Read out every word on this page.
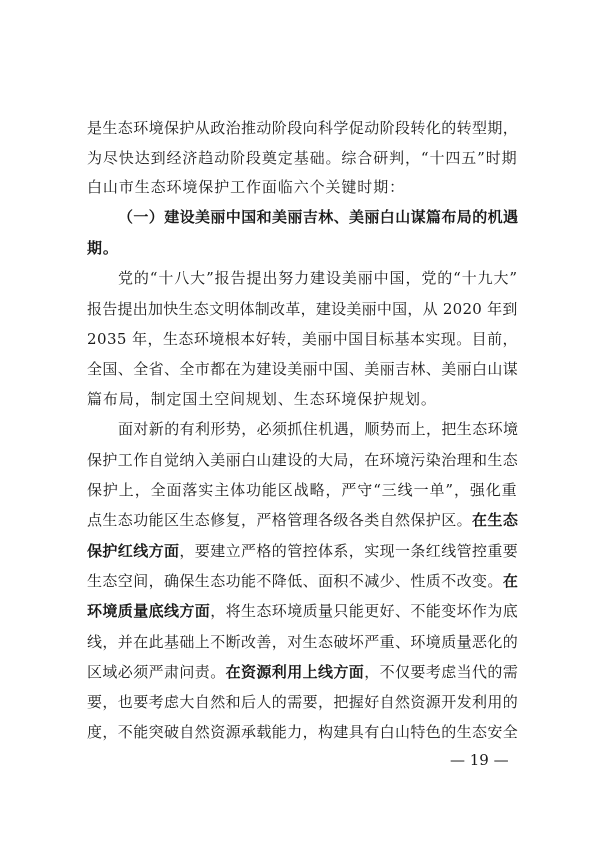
是生态环境保护从政治推动阶段向科学促动阶段转化的转型期，
为尽快达到经济趋动阶段奠定基础。综合研判，“十四五”时期
白山市生态环境保护工作面临六个关键时期：
（一）建设美丽中国和美丽吉林、美丽白山谋篇布局的机遇
期。
党的“十八大”报告提出努力建设美丽中国，党的“十九大”
报告提出加快生态文明体制改革，建设美丽中国，从 2020 年到
2035 年，生态环境根本好转，美丽中国目标基本实现。目前，
全国、全省、全市都在为建设美丽中国、美丽吉林、美丽白山谋
篇布局，制定国土空间规划、生态环境保护规划。
面对新的有利形势，必须抓住机遇，顺势而上，把生态环境
保护工作自觉纳入美丽白山建设的大局，在环境污染治理和生态
保护上，全面落实主体功能区战略，严守“三线一单”，强化重
点生态功能区生态修复，严格管理各级各类自然保护区。在生态
保护红线方面，要建立严格的管控体系，实现一条红线管控重要
生态空间，确保生态功能不降低、面积不减少、性质不改变。在
环境质量底线方面，将生态环境质量只能更好、不能变坏作为底
线，并在此基础上不断改善，对生态破坏严重、环境质量恶化的
区域必须严肃问责。在资源利用上线方面，不仅要考虑当代的需
要，也要考虑大自然和后人的需要，把握好自然资源开发利用的
度，不能突破自然资源承载能力，构建具有白山特色的生态安全
— 19 —
